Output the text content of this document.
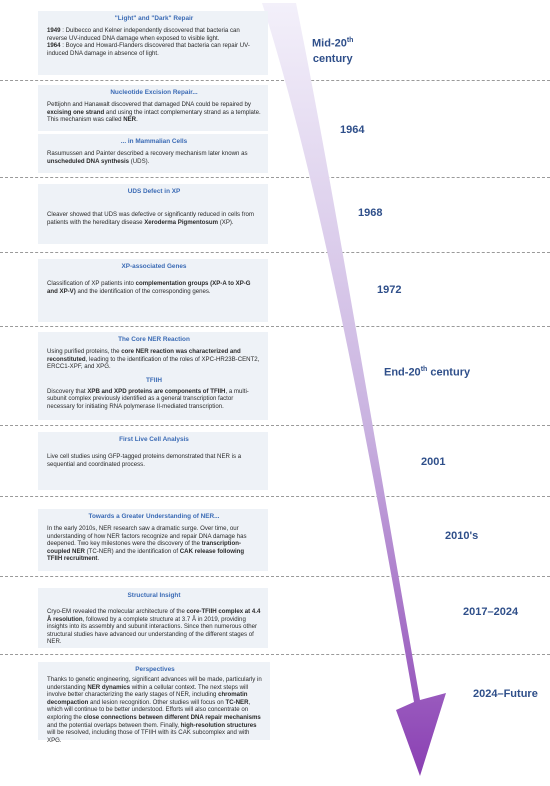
"Light" and "Dark" Repair

1949 : Dulbecco and Kelner independently discovered that bacteria can reverse UV-induced DNA damage when exposed to visible light.
1964 : Boyce and Howard-Flanders discovered that bacteria can repair UV-induced DNA damage in absence of light.

Nucleotide Excision Repair...

Pettijohn and Hanawalt discovered that damaged DNA could be repaired by excising one strand and using the intact complementary strand as a template. This mechanism was called NER.

... in Mammalian Cells

Rasumussen and Painter described a recovery mechanism later known as unscheduled DNA synthesis (UDS).

UDS Defect in XP

Cleaver showed that UDS was defective or significantly reduced in cells from patients with the hereditary disease Xeroderma Pigmentosum (XP).

XP-associated Genes

Classification of XP patients into complementation groups (XP-A to XP-G and XP-V) and the identification of the corresponding genes.

The Core NER Reaction

Using purified proteins, the core NER reaction was characterized and reconstituted, leading to the identification of the roles of XPC-HR23B-CENT2, ERCC1-XPF, and XPG.

TFIIH

Discovery that XPB and XPD proteins are components of TFIIH, a multi-subunit complex previously identified as a general transcription factor necessary for initiating RNA polymerase II-mediated transcription.

First Live Cell Analysis

Live cell studies using GFP-tagged proteins demonstrated that NER is a sequential and coordinated process.

Towards a Greater Understanding of NER...

In the early 2010s, NER research saw a dramatic surge. Over time, our understanding of how NER factors recognize and repair DNA damage has deepened. Two key milestones were the discovery of the transcription-coupled NER (TC-NER) and the identification of CAK release following TFIIH recruitment.

Structural Insight

Cryo-EM revealed the molecular architecture of the core-TFIIH complex at 4.4 Å resolution, followed by a complete structure at 3.7 Å in 2019, providing insights into its assembly and subunit interactions. Since then numerous other structural studies have advanced our understanding of the different stages of NER.

Perspectives

Thanks to genetic engineering, significant advances will be made, particularly in understanding NER dynamics within a cellular context. The next steps will involve better characterizing the early stages of NER, including chromatin decompaction and lesion recognition. Other studies will focus on TC-NER, which will continue to be better understood. Efforts will also concentrate on exploring the close connections between different DNA repair mechanisms and the potential overlaps between them. Finally, high-resolution structures will be resolved, including those of TFIIH with its CAK subcomplex and with XPG.

Mid-20th
century
1964
1968
1972
End-20th century
2001
2010's
2017–2024
2024–Future
